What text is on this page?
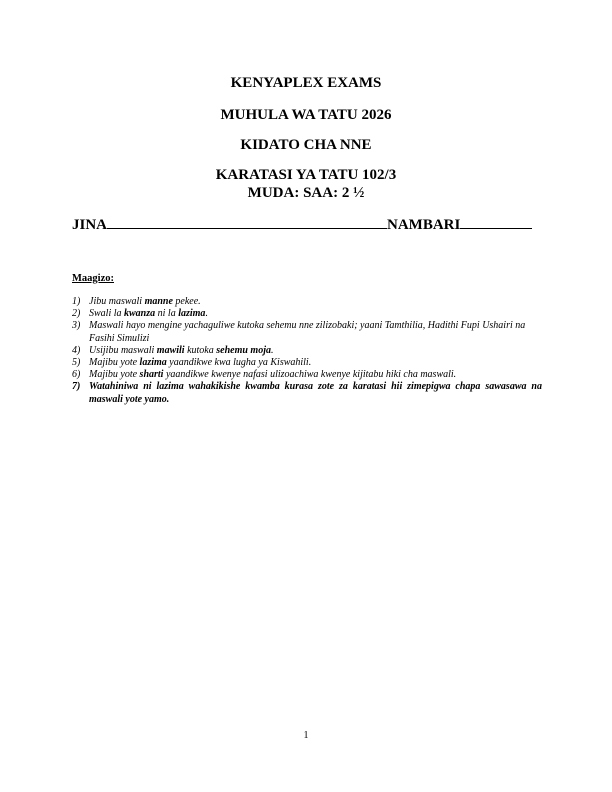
KENYAPLEX EXAMS
MUHULA WA TATU 2026
KIDATO CHA NNE
KARATASI YA TATU 102/3
MUDA: SAA: 2 ½
JINA	NAMBARI
Maagizo:
1) Jibu maswali manne pekee.
2) Swali la kwanza ni la lazima.
3) Maswali hayo mengine yachaguliwe kutoka sehemu nne zilizobaki; yaani Tamthilia, Hadithi Fupi Ushairi na Fasihi Simulizi
4) Usijibu maswali mawili kutoka sehemu moja.
5) Majibu yote lazima yaandikwe kwa lugha ya Kiswahili.
6) Majibu yote sharti yaandikwe kwenye nafasi ulizoachiwa kwenye kijitabu hiki cha maswali.
7) Watahiniwa ni lazima wahakikishe kwamba kurasa zote za karatasi hii zimepigwa chapa sawasawa na maswali yote yamo.
1
